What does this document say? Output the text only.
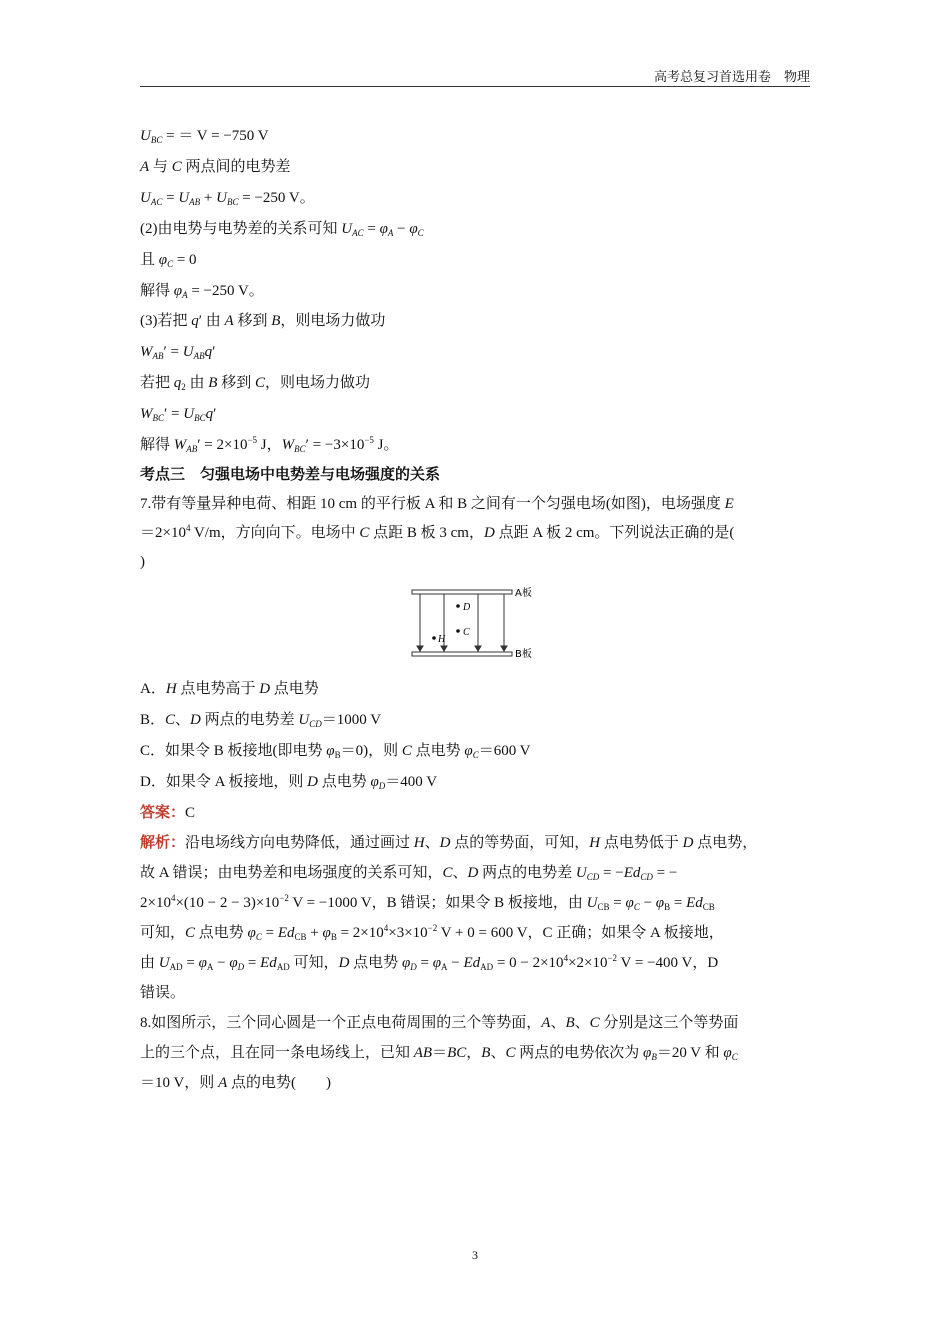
高考总复习首选用卷　物理
$U_{BC}$ = ＝ V = −750 V
A 与 C 两点间的电势差
$U_{AC} = U_{AB} + U_{BC} = -250$ V。
(2)由电势与电势差的关系可知 $U_{AC} = \varphi_A - \varphi_C$
且 $\varphi_C = 0$
解得 $\varphi_A = -250$ V。
(3)若把 q′ 由 A 移到 B，则电场力做功
$W_{AB}' = U_{AB}q'$
若把 $q_2$ 由 B 移到 C，则电场力做功
$W_{BC}' = U_{BC}q'$
解得 $W_{AB}' = 2\times 10^{-5}$ J，$W_{BC}' = -3\times 10^{-5}$ J。
考点三　匀强电场中电势差与电场强度的关系
7.带有等量异种电荷、相距 10 cm 的平行板 A 和 B 之间有一个匀强电场(如图)，电场强度 E
$=2\times 10^4$ V/m，方向向下。电场中 C 点距 B 板 3 cm，D 点距 A 板 2 cm。下列说法正确的是(
)
D
C
H
A板
B板
A．H 点电势高于 D 点电势
B．C、D 两点的电势差 $U_{CD}=1000$ V
C．如果令 B 板接地(即电势 $\varphi_B=0$)，则 C 点电势 $\varphi_C=600$ V
D．如果令 A 板接地，则 D 点电势 $\varphi_D=400$ V
答案：C
解析：沿电场线方向电势降低，通过画过 H、D 点的等势面，可知，H 点电势低于 D 点电势，
故 A 错误；由电势差和电场强度的关系可知，C、D 两点的电势差 $U_{CD} = -Ed_{CD}$ = −
$2\times 10^4\times(10 - 2 - 3)\times 10^{-2}$ V = −1000 V，B 错误；如果令 B 板接地，由 $U_{CB} = \varphi_C - \varphi_B = Ed_{CB}$
可知，C 点电势 $\varphi_C = Ed_{CB} + \varphi_B = 2\times 10^4\times 3\times 10^{-2}$ V + 0 = 600 V，C 正确；如果令 A 板接地，
由 $U_{AD} = \varphi_A - \varphi_D = Ed_{AD}$ 可知，D 点电势 $\varphi_D = \varphi_A - Ed_{AD} = 0 - 2\times 10^4\times 2\times 10^{-2}$ V = −400 V，D
错误。
8.如图所示，三个同心圆是一个正点电荷周围的三个等势面，A、B、C 分别是这三个等势面
上的三个点，且在同一条电场线上，已知 AB＝BC，B、C 两点的电势依次为 $\varphi_B=20$ V 和 $\varphi_C$
＝10 V，则 A 点的电势(　　)
3
